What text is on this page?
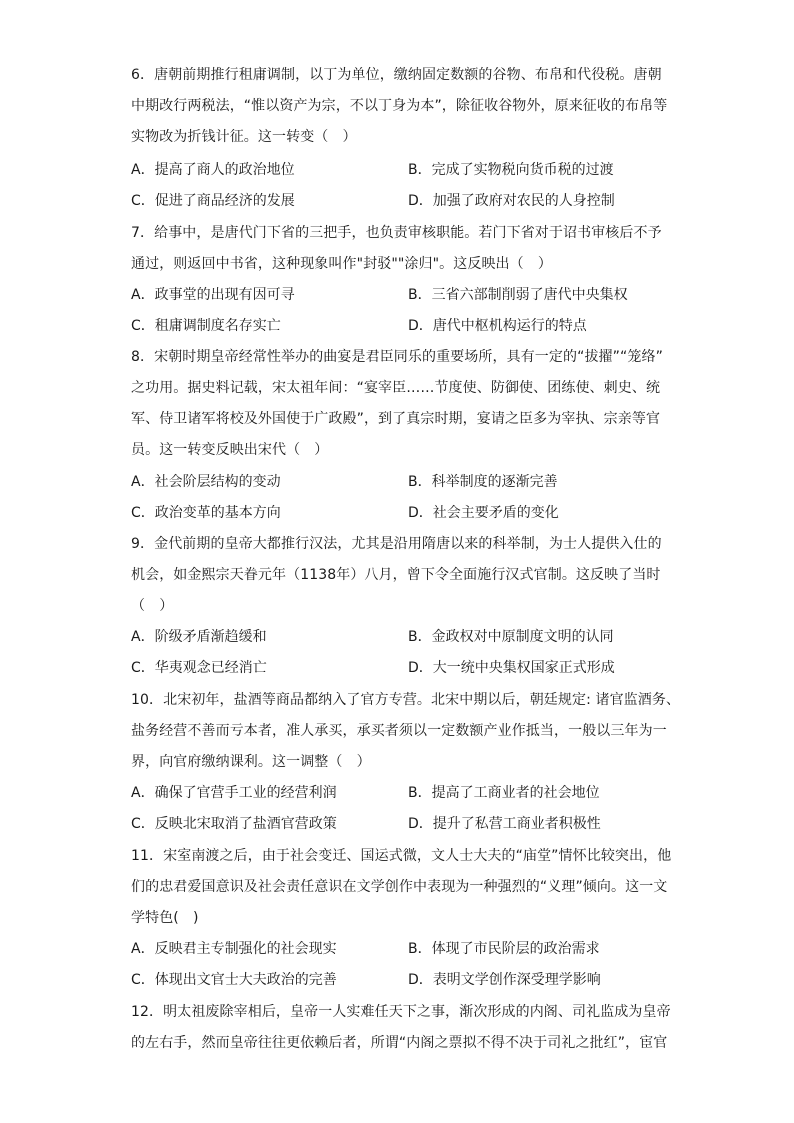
6．唐朝前期推行租庸调制，以丁为单位，缴纳固定数额的谷物、布帛和代役税。唐朝

中期改行两税法，“惟以资产为宗，不以丁身为本”，除征收谷物外，原来征收的布帛等

实物改为折钱计征。这一转变（　）

A．提高了商人的政治地位	B．完成了实物税向货币税的过渡
C．促进了商品经济的发展	D．加强了政府对农民的人身控制

7．给事中，是唐代门下省的三把手，也负责审核职能。若门下省对于诏书审核后不予

通过，则返回中书省，这种现象叫作"封驳""涂归"。这反映出（　）

A．政事堂的出现有因可寻	B．三省六部制削弱了唐代中央集权
C．租庸调制度名存实亡	D．唐代中枢机构运行的特点

8．宋朝时期皇帝经常性举办的曲宴是君臣同乐的重要场所，具有一定的“拔擢”“笼络”

之功用。据史料记载，宋太祖年间：“宴宰臣……节度使、防御使、团练使、刺史、统

军、侍卫诸军将校及外国使于广政殿”，到了真宗时期，宴请之臣多为宰执、宗亲等官

员。这一转变反映出宋代（　）

A．社会阶层结构的变动	B．科举制度的逐渐完善
C．政治变革的基本方向	D．社会主要矛盾的变化

9．金代前期的皇帝大都推行汉法，尤其是沿用隋唐以来的科举制，为士人提供入仕的

机会，如金熙宗天眷元年（1138年）八月，曾下令全面施行汉式官制。这反映了当时

（　）

A．阶级矛盾渐趋缓和	B．金政权对中原制度文明的认同
C．华夷观念已经消亡	D．大一统中央集权国家正式形成

10．北宋初年，盐酒等商品都纳入了官方专营。北宋中期以后，朝廷规定: 诸官监酒务、

盐务经营不善而亏本者，准人承买，承买者须以一定数额产业作抵当，一般以三年为一

界，向官府缴纳课利。这一调整（　）

A．确保了官营手工业的经营利润	B．提高了工商业者的社会地位
C．反映北宋取消了盐酒官营政策	D．提升了私营工商业者积极性

11．宋室南渡之后，由于社会变迁、国运式微，文人士大夫的“庙堂”情怀比较突出，他

们的忠君爱国意识及社会责任意识在文学创作中表现为一种强烈的“义理”倾向。这一文

学特色(　)

A．反映君主专制强化的社会现实	B．体现了市民阶层的政治需求
C．体现出文官士大夫政治的完善	D．表明文学创作深受理学影响

12．明太祖废除宰相后，皇帝一人实难任天下之事，渐次形成的内阁、司礼监成为皇帝

的左右手，然而皇帝往往更依赖后者，所谓“内阁之票拟不得不决于司礼之批红”，宦官
